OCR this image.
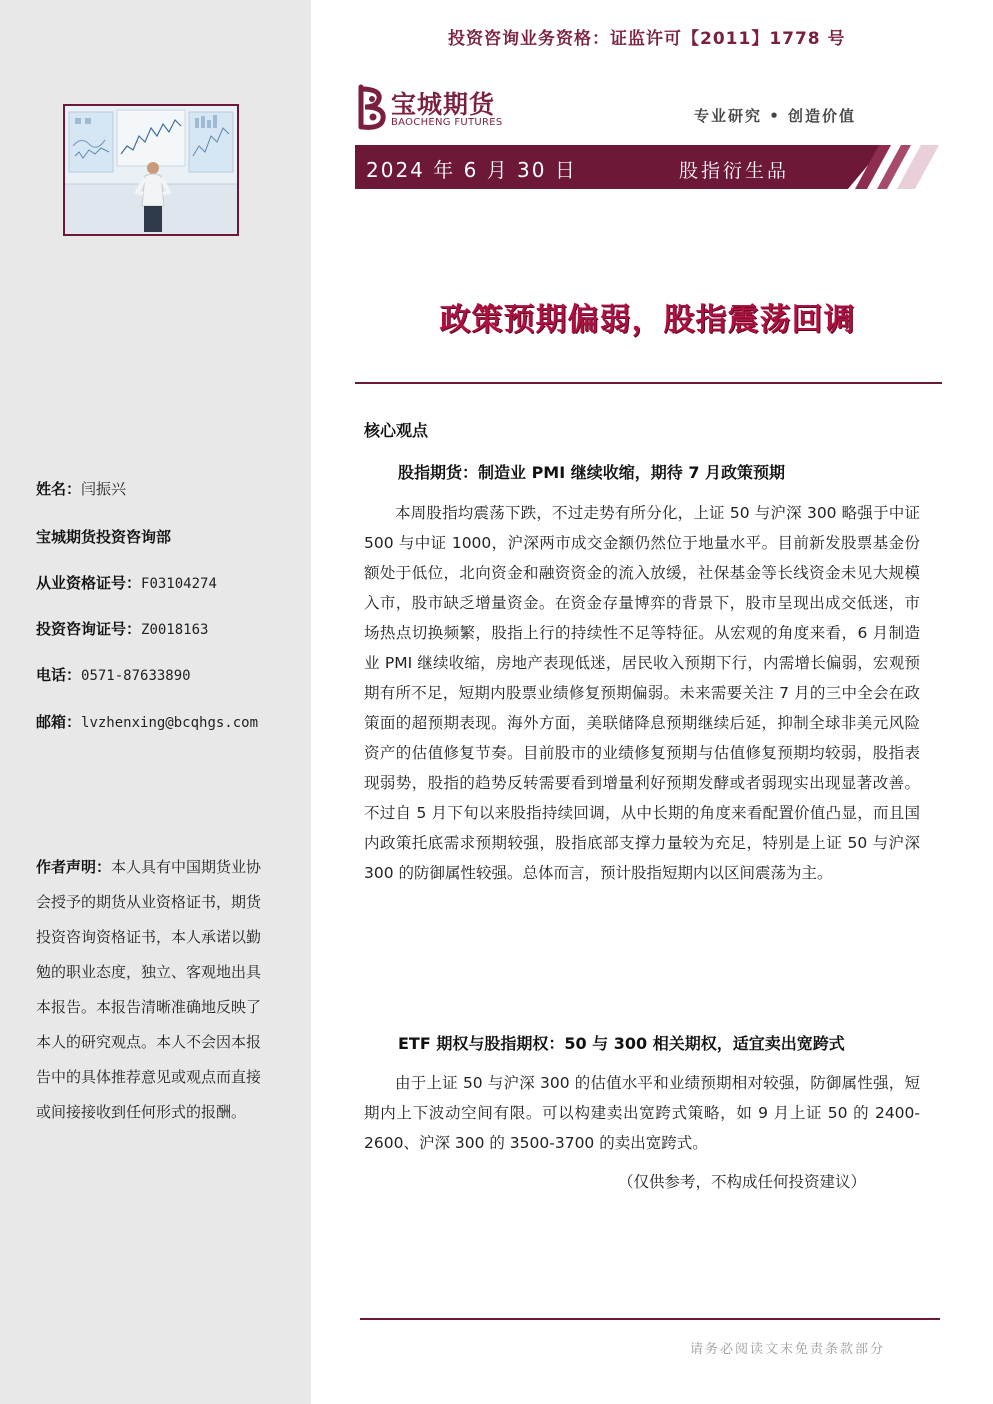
姓名：闫振兴
宝城期货投资咨询部
从业资格证号：F03104274
投资咨询证号：Z0018163
电话：0571-87633890
邮箱：lvzhenxing@bcqhgs.com
作者声明：本人具有中国期货业协会授予的期货从业资格证书，期货投资咨询资格证书，本人承诺以勤勉的职业态度，独立、客观地出具本报告。本报告清晰准确地反映了本人的研究观点。本人不会因本报告中的具体推荐意见或观点而直接或间接接收到任何形式的报酬。
投资咨询业务资格：证监许可【2011】1778 号
宝城期货
BAOCHENG FUTURES	专业研究 • 创造价值
2024 年 6 月 30 日	股指衍生品
政策预期偏弱，股指震荡回调
核心观点
股指期货：制造业 PMI 继续收缩，期待 7 月政策预期
本周股指均震荡下跌，不过走势有所分化，上证 50 与沪深 300 略强于中证 500 与中证 1000，沪深两市成交金额仍然位于地量水平。目前新发股票基金份额处于低位，北向资金和融资资金的流入放缓，社保基金等长线资金未见大规模入市，股市缺乏增量资金。在资金存量博弈的背景下，股市呈现出成交低迷，市场热点切换频繁，股指上行的持续性不足等特征。从宏观的角度来看，6 月制造业 PMI 继续收缩，房地产表现低迷，居民收入预期下行，内需增长偏弱，宏观预期有所不足，短期内股票业绩修复预期偏弱。未来需要关注 7 月的三中全会在政策面的超预期表现。海外方面，美联储降息预期继续后延，抑制全球非美元风险资产的估值修复节奏。目前股市的业绩修复预期与估值修复预期均较弱，股指表现弱势，股指的趋势反转需要看到增量利好预期发酵或者弱现实出现显著改善。不过自 5 月下旬以来股指持续回调，从中长期的角度来看配置价值凸显，而且国内政策托底需求预期较强，股指底部支撑力量较为充足，特别是上证 50 与沪深 300 的防御属性较强。总体而言，预计股指短期内以区间震荡为主。
ETF 期权与股指期权：50 与 300 相关期权，适宜卖出宽跨式
由于上证 50 与沪深 300 的估值水平和业绩预期相对较强，防御属性强，短期内上下波动空间有限。可以构建卖出宽跨式策略，如 9 月上证 50 的 2400-2600、沪深 300 的 3500-3700 的卖出宽跨式。
（仅供参考，不构成任何投资建议）
请务必阅读文末免责条款部分
